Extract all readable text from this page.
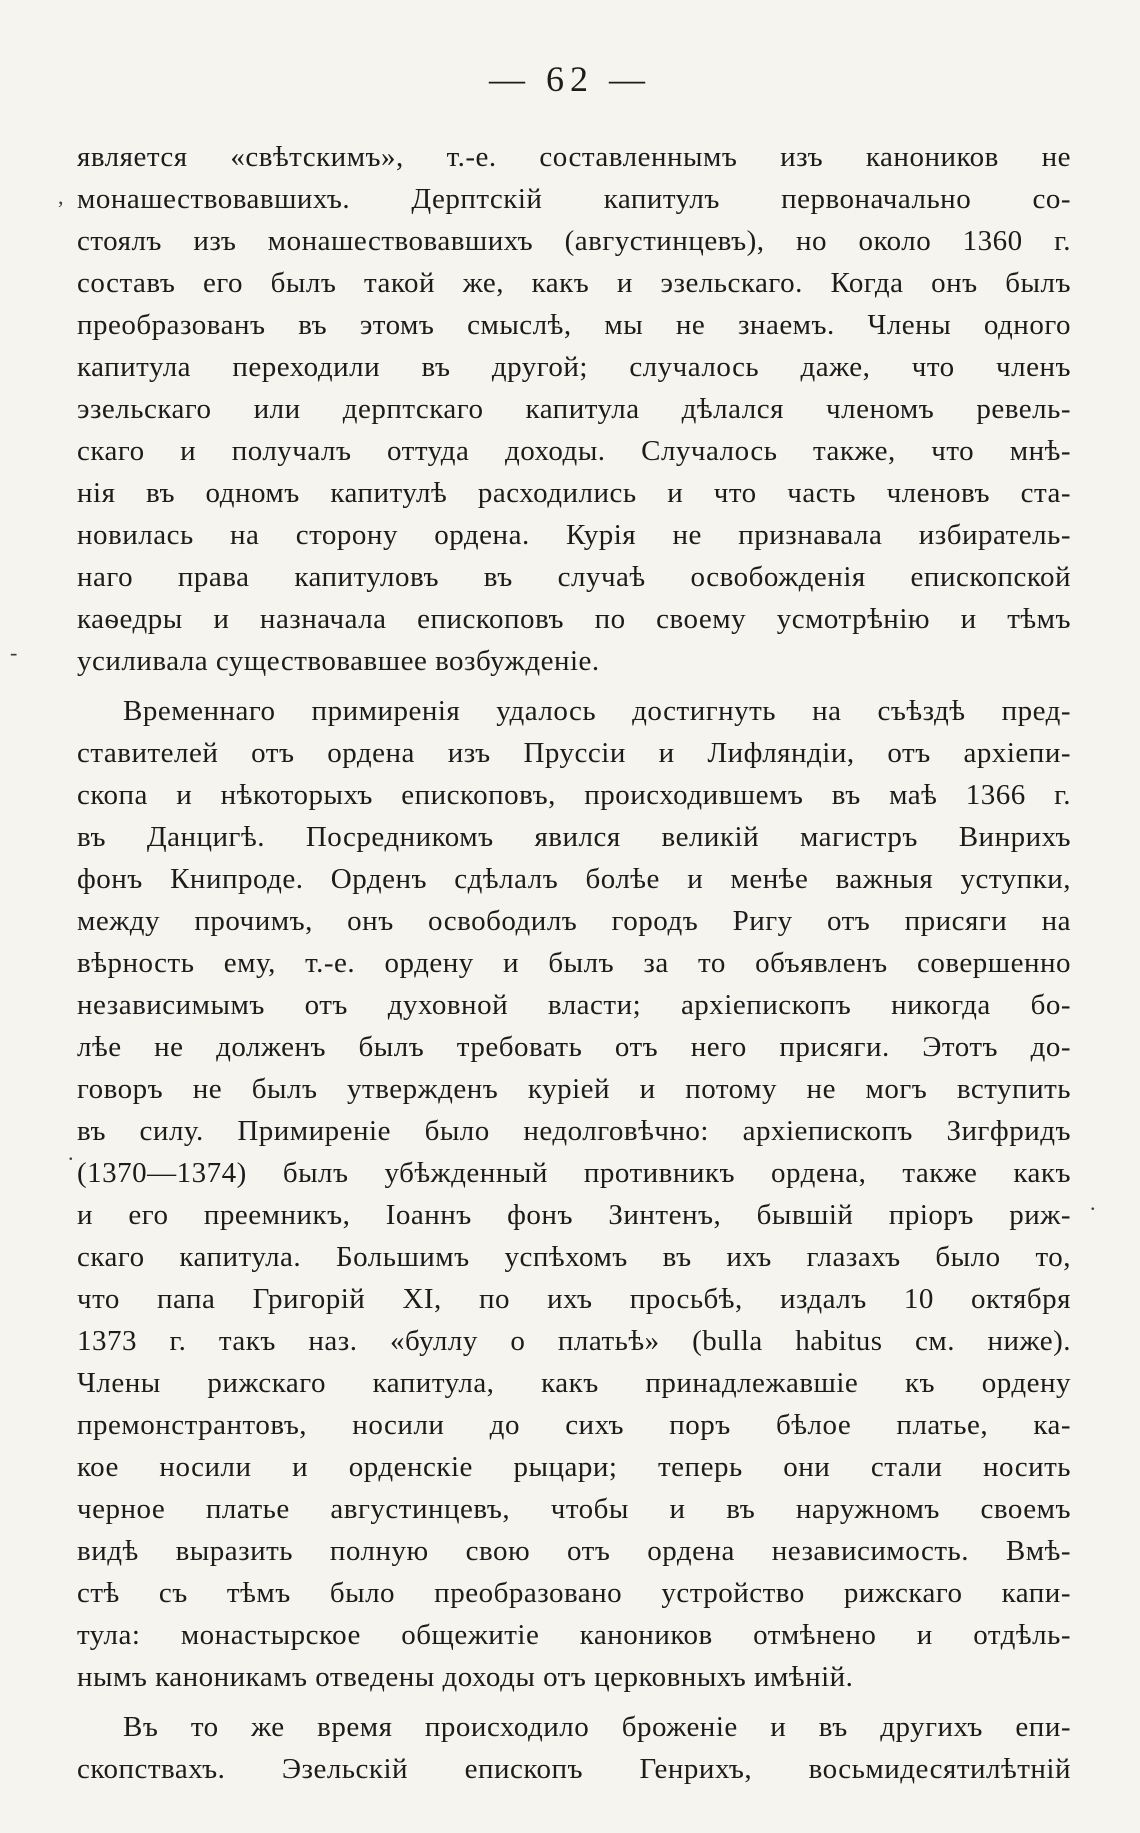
— 62 —
является «свѣтскимъ», т.-е. составленнымъ изъ каноников не
монашествовавшихъ. Дерптскій капитулъ первоначально со-
стоялъ изъ монашествовавшихъ (августинцевъ), но около 1360 г.
составъ его былъ такой же, какъ и эзельскаго. Когда онъ былъ
преобразованъ въ этомъ смыслѣ, мы не знаемъ. Члены одного
капитула переходили въ другой; случалось даже, что членъ
эзельскаго или дерптскаго капитула дѣлался членомъ ревель-
скаго и получалъ оттуда доходы. Случалось также, что мнѣ-
нія въ одномъ капитулѣ расходились и что часть членовъ ста-
новилась на сторону ордена. Курія не признавала избиратель-
наго права капитуловъ въ случаѣ освобожденія епископской
каѳедры и назначала епископовъ по своему усмотрѣнію и тѣмъ
усиливала существовавшее возбужденіе.
Временнаго примиренія удалось достигнуть на съѣздѣ пред-
ставителей отъ ордена изъ Пруссіи и Лифляндіи, отъ архіепи-
скопа и нѣкоторыхъ епископовъ, происходившемъ въ маѣ 1366 г.
въ Данцигѣ. Посредникомъ явился великій магистръ Винрихъ
фонъ Книпроде. Орденъ сдѣлалъ болѣе и менѣе важныя уступки,
между прочимъ, онъ освободилъ городъ Ригу отъ присяги на
вѣрность ему, т.-е. ордену и былъ за то объявленъ совершенно
независимымъ отъ духовной власти; архіепископъ никогда бо-
лѣе не долженъ былъ требовать отъ него присяги. Этотъ до-
говоръ не былъ утвержденъ куріей и потому не могъ вступить
въ силу. Примиреніе было недолговѣчно: архіепископъ Зигфридъ
(1370—1374) былъ убѣжденный противникъ ордена, также какъ
и его преемникъ, Іоаннъ фонъ Зинтенъ, бывшій пріоръ риж-
скаго капитула. Большимъ успѣхомъ въ ихъ глазахъ было то,
что папа Григорій XI, по ихъ просьбѣ, издалъ 10 октября
1373 г. такъ наз. «буллу о платьѣ» (bulla habitus см. ниже).
Члены рижскаго капитула, какъ принадлежавшіе къ ордену
премонстрантовъ, носили до сихъ поръ бѣлое платье, ка-
кое носили и орденскіе рыцари; теперь они стали носить
черное платье августинцевъ, чтобы и въ наружномъ своемъ
видѣ выразить полную свою отъ ордена независимость. Вмѣ-
стѣ съ тѣмъ было преобразовано устройство рижскаго капи-
тула: монастырское общежитіе каноников отмѣнено и отдѣль-
нымъ каноникамъ отведены доходы отъ церковныхъ имѣній.
Въ то же время происходило броженіе и въ другихъ епи-
скопствахъ. Эзельскій епископъ Генрихъ, восьмидесятилѣтній
,
-
.
.
